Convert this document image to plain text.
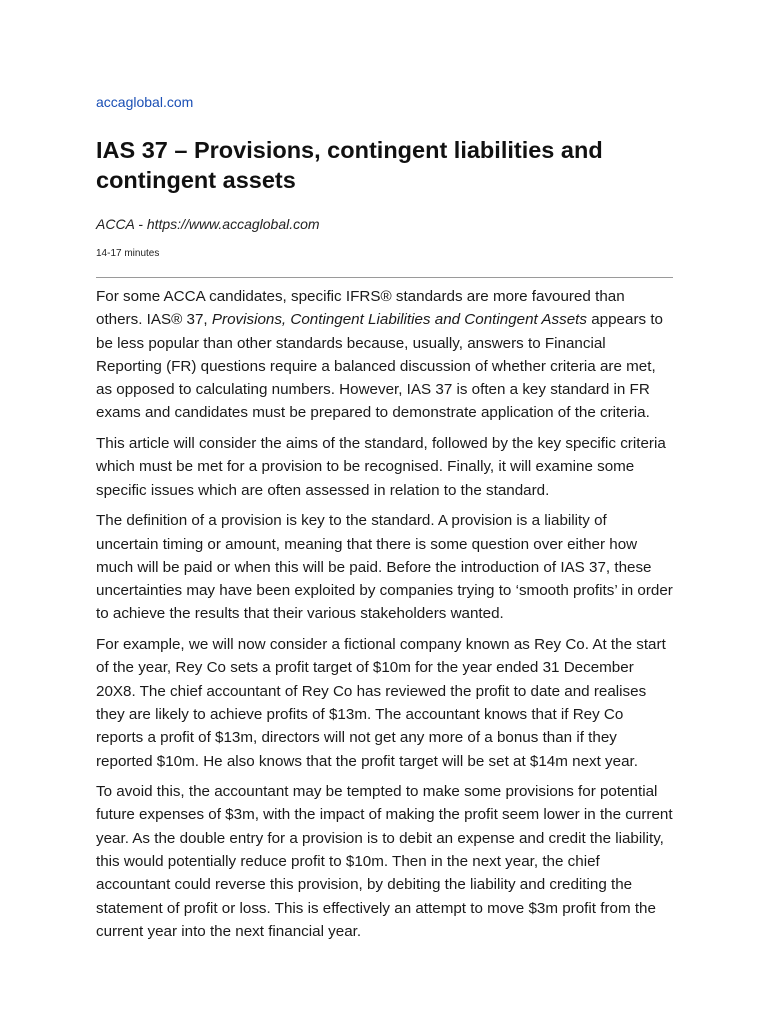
accaglobal.com
IAS 37 – Provisions, contingent liabilities and contingent assets
ACCA - https://www.accaglobal.com
14-17 minutes

For some ACCA candidates, specific IFRS® standards are more favoured than others. IAS® 37, Provisions, Contingent Liabilities and Contingent Assets appears to be less popular than other standards because, usually, answers to Financial Reporting (FR) questions require a balanced discussion of whether criteria are met, as opposed to calculating numbers. However, IAS 37 is often a key standard in FR exams and candidates must be prepared to demonstrate application of the criteria.

This article will consider the aims of the standard, followed by the key specific criteria which must be met for a provision to be recognised. Finally, it will examine some specific issues which are often assessed in relation to the standard.

The definition of a provision is key to the standard. A provision is a liability of uncertain timing or amount, meaning that there is some question over either how much will be paid or when this will be paid. Before the introduction of IAS 37, these uncertainties may have been exploited by companies trying to ‘smooth profits’ in order to achieve the results that their various stakeholders wanted.

For example, we will now consider a fictional company known as Rey Co. At the start of the year, Rey Co sets a profit target of $10m for the year ended 31 December 20X8. The chief accountant of Rey Co has reviewed the profit to date and realises they are likely to achieve profits of $13m. The accountant knows that if Rey Co reports a profit of $13m, directors will not get any more of a bonus than if they reported $10m. He also knows that the profit target will be set at $14m next year.

To avoid this, the accountant may be tempted to make some provisions for potential future expenses of $3m, with the impact of making the profit seem lower in the current year. As the double entry for a provision is to debit an expense and credit the liability, this would potentially reduce profit to $10m. Then in the next year, the chief accountant could reverse this provision, by debiting the liability and crediting the statement of profit or loss. This is effectively an attempt to move $3m profit from the current year into the next financial year.
